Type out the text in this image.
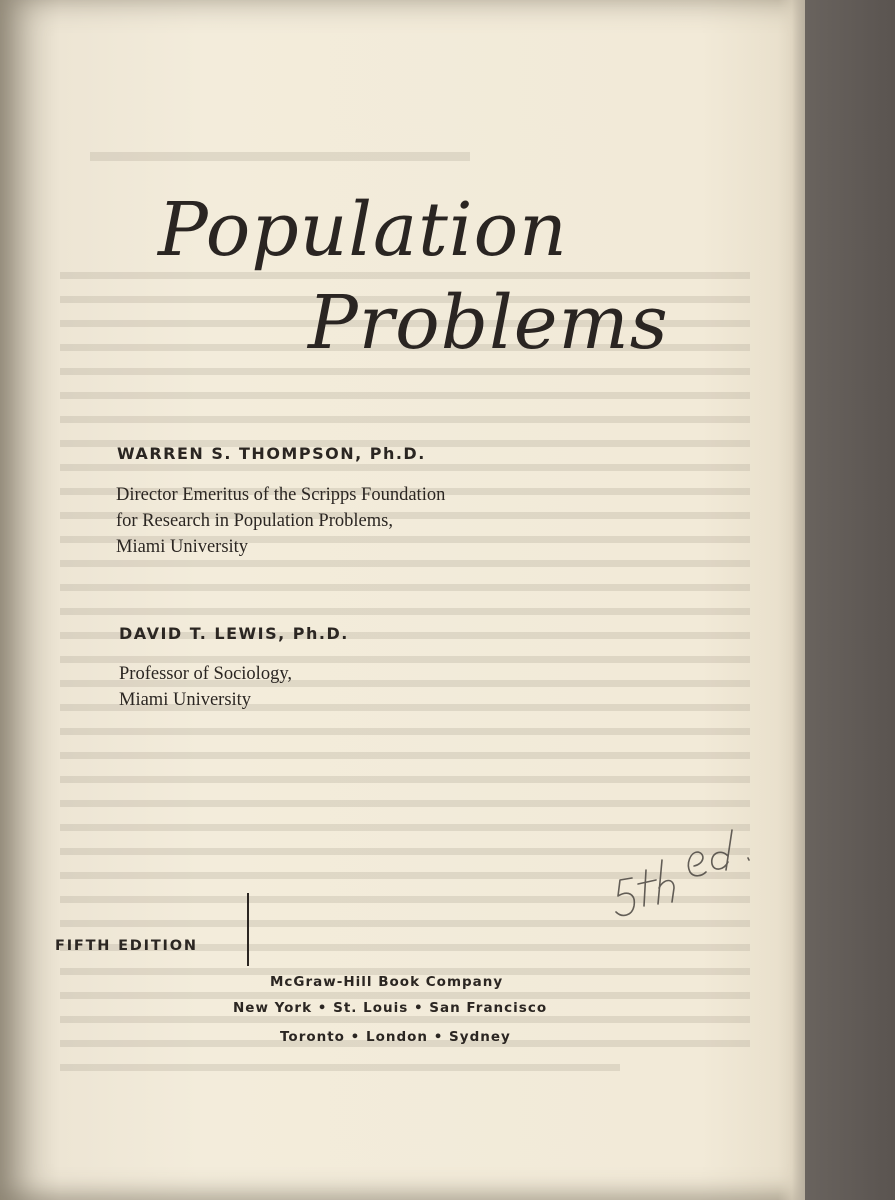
Population
Problems
WARREN S. THOMPSON, Ph.D.
Director Emeritus of the Scripps Foundation
for Research in Population Problems,
Miami University
DAVID T. LEWIS, Ph.D.
Professor of Sociology,
Miami University
FIFTH EDITION
McGraw-Hill Book Company
New York • St. Louis • San Francisco
Toronto • London • Sydney
